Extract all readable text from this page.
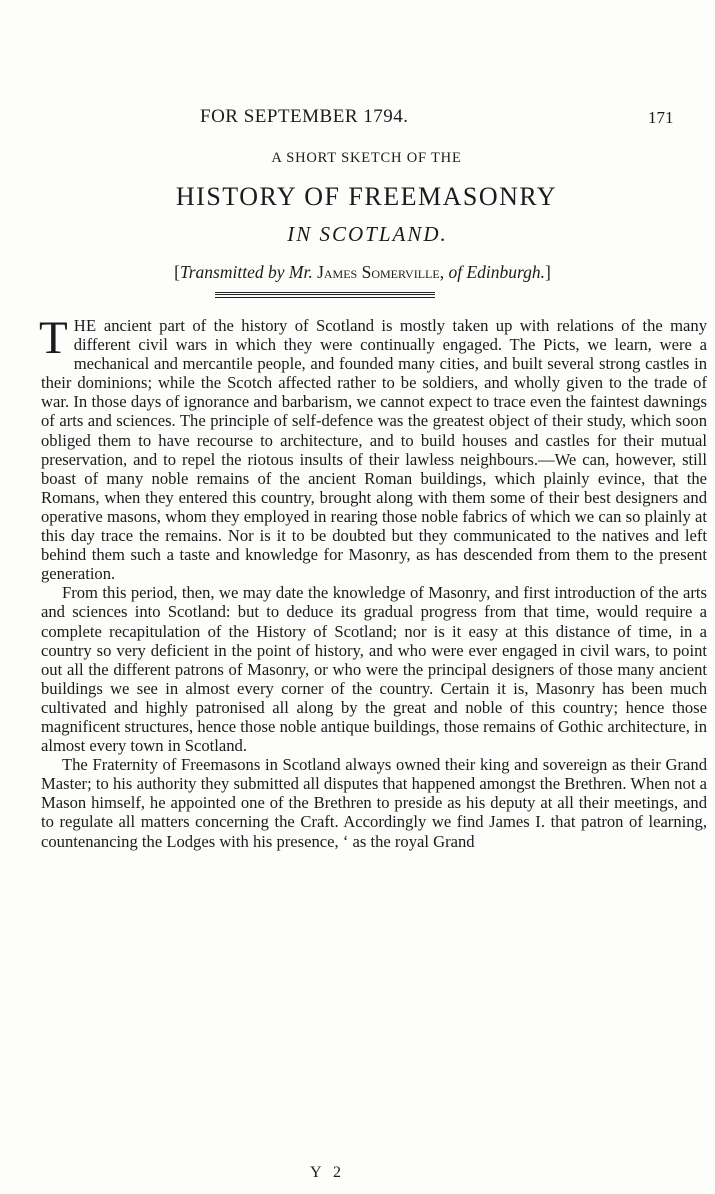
FOR SEPTEMBER 1794.	171
A SHORT SKETCH OF THE
HISTORY OF FREEMASONRY
IN SCOTLAND.
[Transmitted by Mr. James Somerville, of Edinburgh.]

THE ancient part of the history of Scotland is mostly taken up with relations of the many different civil wars in which they were continually engaged. The Picts, we learn, were a mechanical and mercantile people, and founded many cities, and built several strong castles in their dominions; while the Scotch affected rather to be soldiers, and wholly given to the trade of war. In those days of ignorance and barbarism, we cannot expect to trace even the faintest dawnings of arts and sciences. The principle of self-defence was the greatest object of their study, which soon obliged them to have recourse to architecture, and to build houses and castles for their mutual preservation, and to repel the riotous insults of their lawless neighbours.—We can, however, still boast of many noble remains of the ancient Roman buildings, which plainly evince, that the Romans, when they entered this country, brought along with them some of their best designers and operative masons, whom they employed in rearing those noble fabrics of which we can so plainly at this day trace the remains. Nor is it to be doubted but they communicated to the natives and left behind them such a taste and knowledge for Masonry, as has descended from them to the present generation.

From this period, then, we may date the knowledge of Masonry, and first introduction of the arts and sciences into Scotland: but to deduce its gradual progress from that time, would require a complete recapitulation of the History of Scotland; nor is it easy at this distance of time, in a country so very deficient in the point of history, and who were ever engaged in civil wars, to point out all the different patrons of Masonry, or who were the principal designers of those many ancient buildings we see in almost every corner of the country. Certain it is, Masonry has been much cultivated and highly patronised all along by the great and noble of this country; hence those magnificent structures, hence those noble antique buildings, those remains of Gothic architecture, in almost every town in Scotland.

The Fraternity of Freemasons in Scotland always owned their king and sovereign as their Grand Master; to his authority they submitted all disputes that happened amongst the Brethren. When not a Mason himself, he appointed one of the Brethren to preside as his deputy at all their meetings, and to regulate all matters concerning the Craft. Accordingly we find James I. that patron of learning, countenancing the Lodges with his presence, ‘ as the royal Grand

Y 2
